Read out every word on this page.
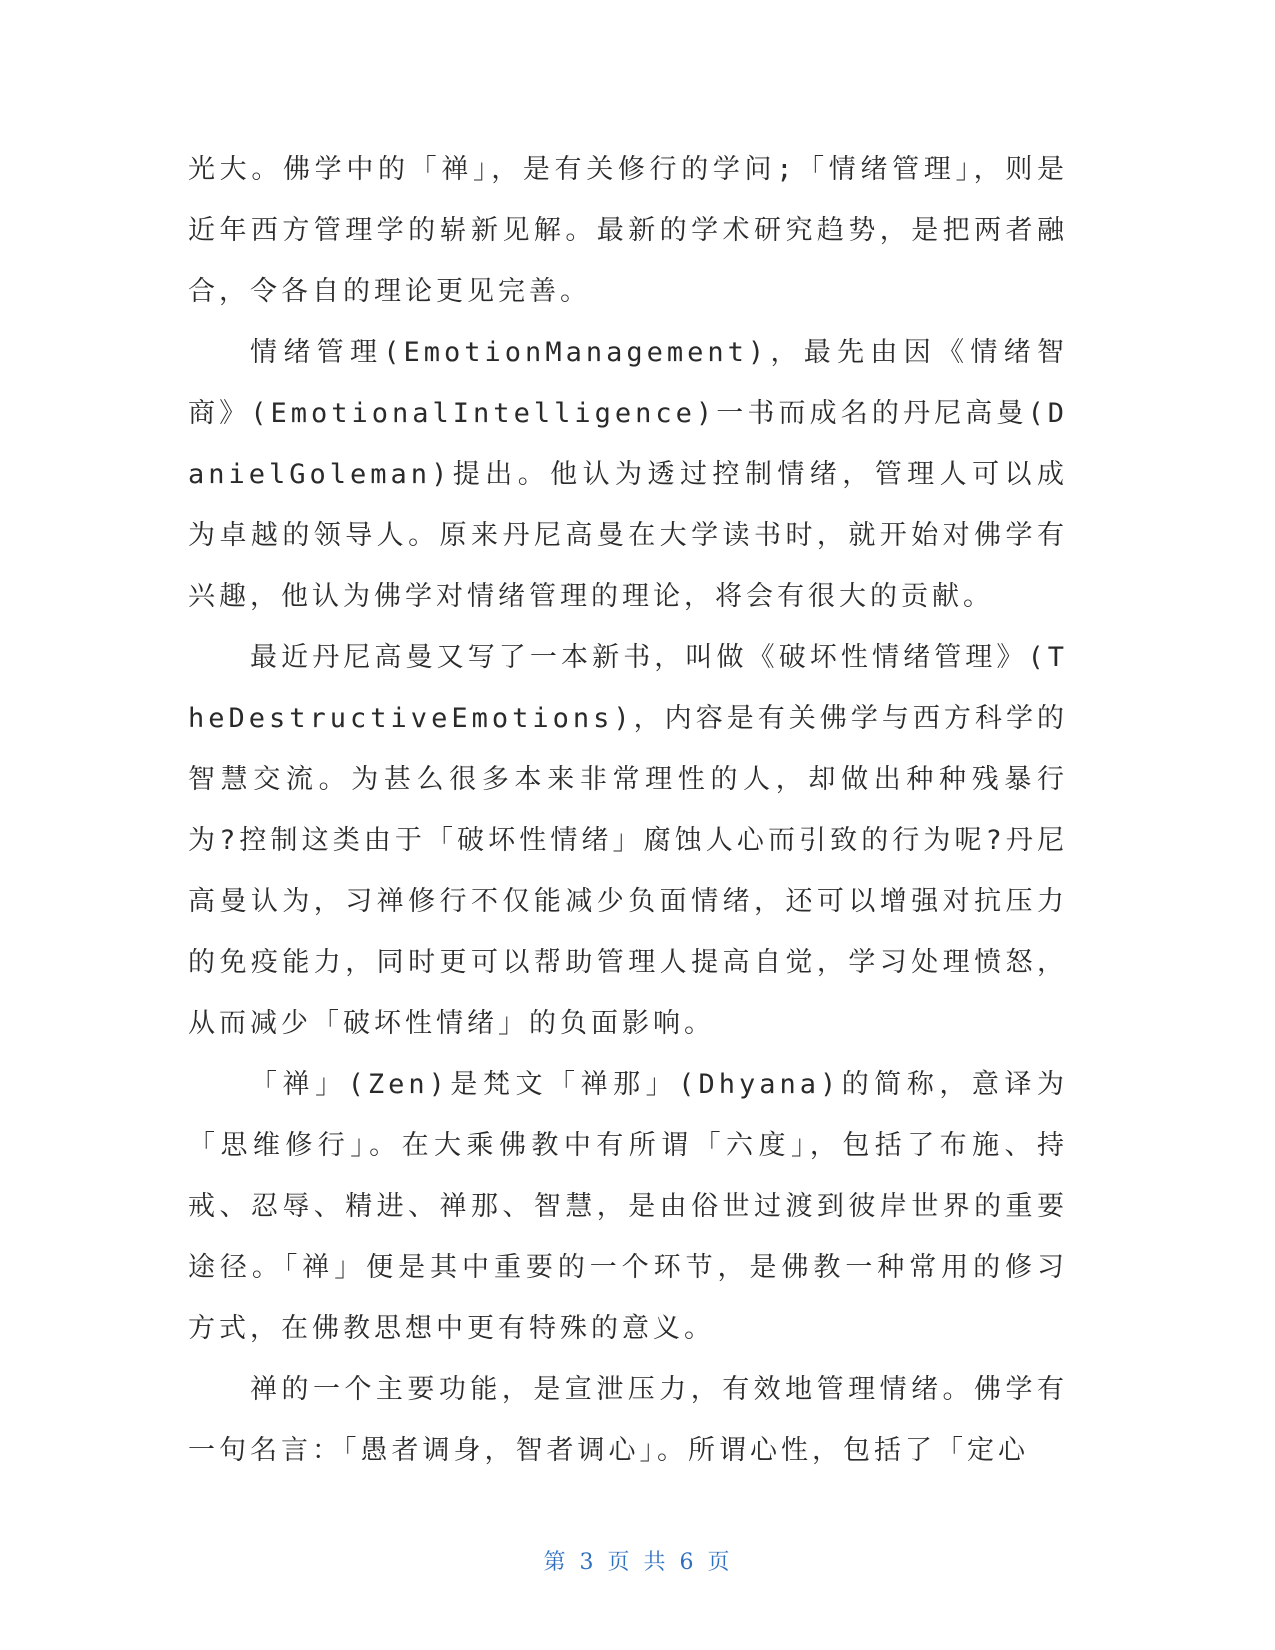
光大。佛学中的「禅」，是有关修行的学问;「情绪管理」，则是近年西方管理学的崭新见解。最新的学术研究趋势，是把两者融合，令各自的理论更见完善。

情绪管理(EmotionManagement)，最先由因《情绪智商》(EmotionalIntelligence)一书而成名的丹尼高曼(DanielGoleman)提出。他认为透过控制情绪，管理人可以成为卓越的领导人。原来丹尼高曼在大学读书时，就开始对佛学有兴趣，他认为佛学对情绪管理的理论，将会有很大的贡献。

最近丹尼高曼又写了一本新书，叫做《破坏性情绪管理》(TheDestructiveEmotions)，内容是有关佛学与西方科学的智慧交流。为甚么很多本来非常理性的人，却做出种种残暴行为?控制这类由于「破坏性情绪」腐蚀人心而引致的行为呢?丹尼高曼认为，习禅修行不仅能减少负面情绪，还可以增强对抗压力的免疫能力，同时更可以帮助管理人提高自觉，学习处理愤怒，从而减少「破坏性情绪」的负面影响。

「禅」(Zen)是梵文「禅那」(Dhyana)的简称，意译为「思维修行」。在大乘佛教中有所谓「六度」，包括了布施、持戒、忍辱、精进、禅那、智慧，是由俗世过渡到彼岸世界的重要途径。「禅」便是其中重要的一个环节，是佛教一种常用的修习方式，在佛教思想中更有特殊的意义。

禅的一个主要功能，是宣泄压力，有效地管理情绪。佛学有一句名言：「愚者调身，智者调心」。所谓心性，包括了「定心

第 3 页 共 6 页
